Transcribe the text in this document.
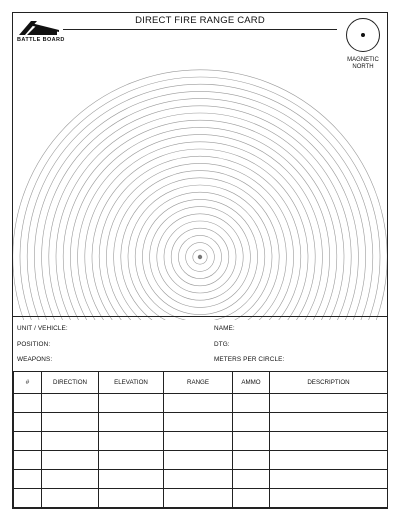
BATTLE BOARD
DIRECT FIRE RANGE CARD
MAGNETIC
NORTH
UNIT / VEHICLE:	NAME:
POSITION:	DTG:
WEAPONS:	METERS PER CIRCLE:
#	DIRECTION	ELEVATION	RANGE	AMMO	DESCRIPTION
